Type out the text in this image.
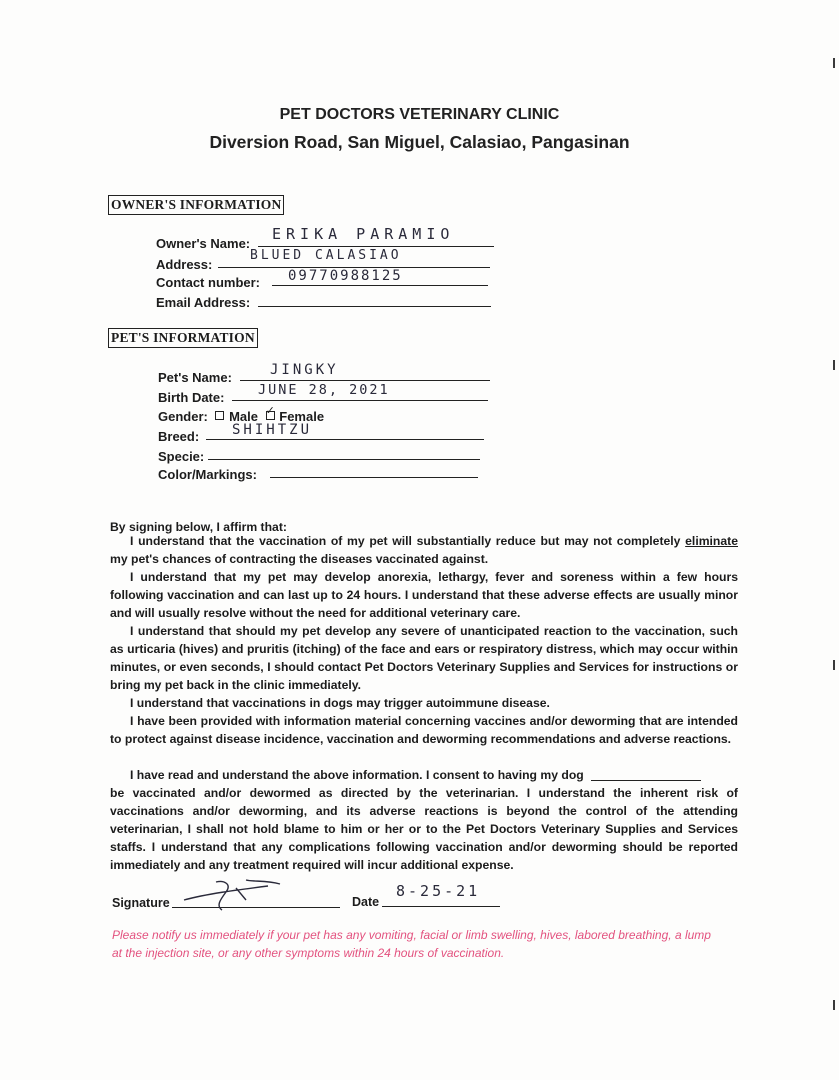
PET DOCTORS VETERINARY CLINIC
Diversion Road, San Miguel, Calasiao, Pangasinan
OWNER'S INFORMATION
Owner's Name:
ERIKA PARAMIO
Address:
BLUED CALASIAO
Contact number: 09770988125
Email Address:
PET'S INFORMATION
Pet's Name:	JINGKY
Birth Date: JUNE 28, 2021
Gender: Male ✓ Female
Breed: SHIHTZU
Specie:
Color/Markings:
By signing below, I affirm that:
I understand that the vaccination of my pet will substantially reduce but may not completely eliminate my pet's chances of contracting the diseases vaccinated against.
I understand that my pet may develop anorexia, lethargy, fever and soreness within a few hours following vaccination and can last up to 24 hours. I understand that these adverse effects are usually minor and will usually resolve without the need for additional veterinary care.
I understand that should my pet develop any severe of unanticipated reaction to the vaccination, such as urticaria (hives) and pruritis (itching) of the face and ears or respiratory distress, which may occur within minutes, or even seconds, I should contact Pet Doctors Veterinary Supplies and Services for instructions or bring my pet back in the clinic immediately.
I understand that vaccinations in dogs may trigger autoimmune disease.
I have been provided with information material concerning vaccines and/or deworming that are intended to protect against disease incidence, vaccination and deworming recommendations and adverse reactions.
I have read and understand the above information. I consent to having my dog
be vaccinated and/or dewormed as directed by the veterinarian. I understand the inherent risk of vaccinations and/or deworming, and its adverse reactions is beyond the control of the attending veterinarian, I shall not hold blame to him or her or to the Pet Doctors Veterinary Supplies and Services staffs. I understand that any complications following vaccination and/or deworming should be reported immediately and any treatment required will incur additional expense.
Signature	Date
8-25-21
Please notify us immediately if your pet has any vomiting, facial or limb swelling, hives, labored breathing, a lump at the injection site, or any other symptoms within 24 hours of vaccination.
